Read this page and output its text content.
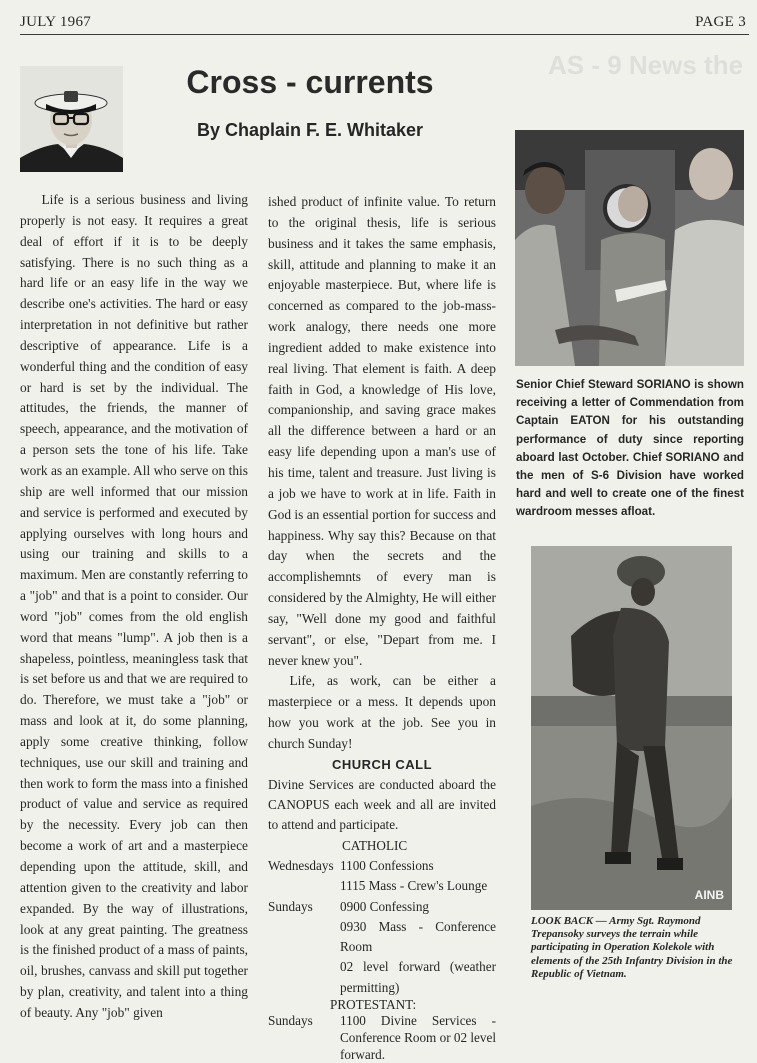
JULY 1967	PAGE 3
AS - 9 News the
Cross - currents
By Chaplain F. E. Whitaker

Life is a serious business and living properly is not easy. It requires a great deal of effort if it is to be deeply satisfying. There is no such thing as a hard life or an easy life in the way we describe one's activities. The hard or easy interpretation in not definitive but rather descriptive of appearance. Life is a wonderful thing and the condition of easy or hard is set by the individual. The attitudes, the friends, the manner of speech, appearance, and the motivation of a person sets the tone of his life. Take work as an example. All who serve on this ship are well informed that our mission and service is performed and executed by applying ourselves with long hours and using our training and skills to a maximum. Men are constantly referring to a "job" and that is a point to consider. Our word "job" comes from the old english word that means "lump". A job then is a shapeless, pointless, meaningless task that is set before us and that we are required to do. Therefore, we must take a "job" or mass and look at it, do some planning, apply some creative thinking, follow techniques, use our skill and training and then work to form the mass into a finished product of value and service as required by the necessity. Every job can then become a work of art and a masterpiece depending upon the attitude, skill, and attention given to the creativity and labor expanded. By the way of illustrations, look at any great painting. The greatness is the finished product of a mass of paints, oil, brushes, canvass and skill put together by plan, creativity, and talent into a thing of beauty. Any "job" given

ished product of infinite value. To return to the original thesis, life is serious business and it takes the same emphasis, skill, attitude and planning to make it an enjoyable masterpiece. But, where life is concerned as compared to the job-mass-work analogy, there needs one more ingredient added to make existence into real living. That element is faith. A deep faith in God, a knowledge of His love, companionship, and saving grace makes all the difference between a hard or an easy life depending upon a man's use of his time, talent and treasure. Just living is a job we have to work at in life. Faith in God is an essential portion for success and happiness. Why say this? Because on that day when the secrets and the accomplishemnts of every man is considered by the Almighty, He will either say, "Well done my good and faithful servant", or else, "Depart from me. I never knew you".

Life, as work, can be either a masterpiece or a mess. It depends upon how you work at the job. See you in church Sunday!

CHURCH CALL
Divine Services are conducted aboard the CANOPUS each week and all are invited to attend and participate.
CATHOLIC
Wednesdays 1100 Confessions
1115 Mass - Crew's Lounge
Sundays	0900 Confessing
0930 Mass - Conference Room
02 level forward (weather permitting)
PROTESTANT:
Sundays	1100 Divine Services - Conference Room or 02 level forward.
Senior Chief Steward SORIANO is shown receiving a letter of Commendation from Captain EATON for his outstanding performance of duty since reporting aboard last October. Chief SORIANO and the men of S-6 Division have worked hard and well to create one of the finest wardroom messes afloat.
AINB
LOOK BACK — Army Sgt. Raymond Trepansoky surveys the terrain while participating in Operation Kolekole with elements of the 25th Infantry Division in the Republic of Vietnam.
